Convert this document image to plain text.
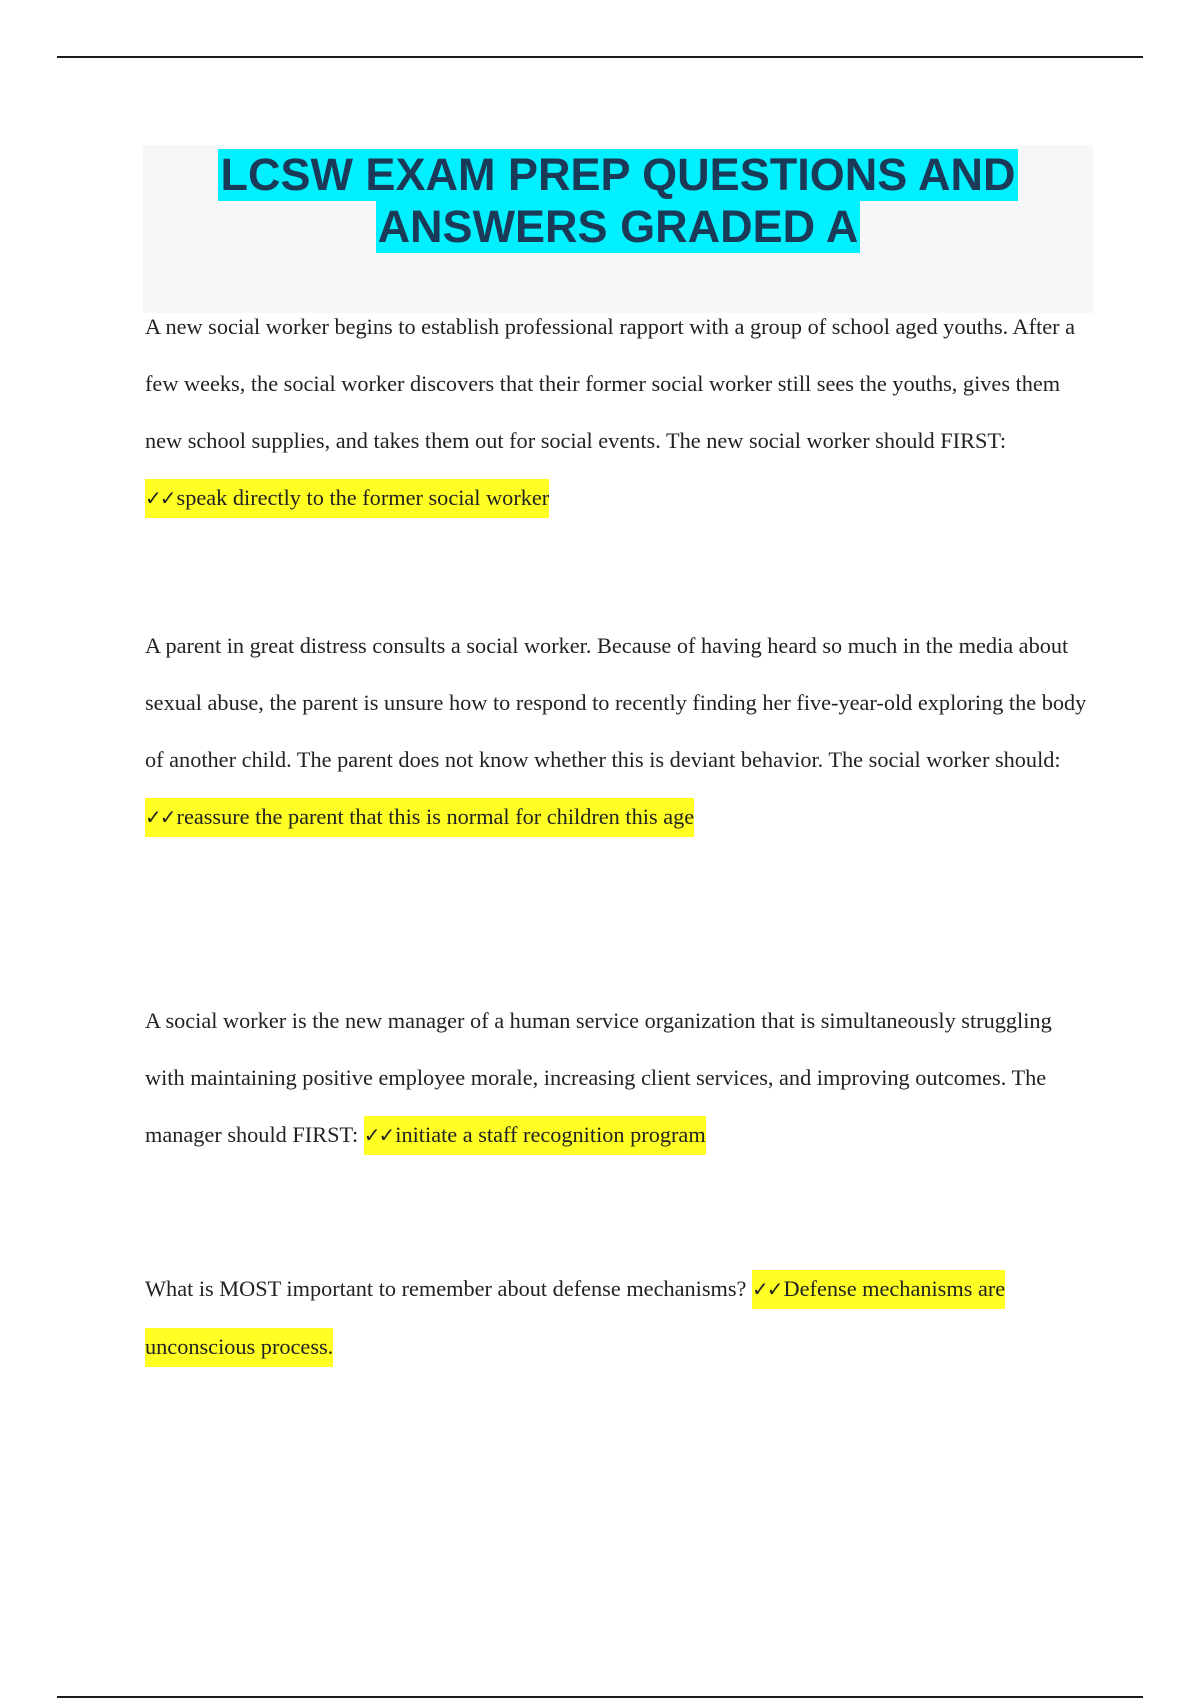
LCSW EXAM PREP QUESTIONS AND
ANSWERS GRADED A

A new social worker begins to establish professional rapport with a group of school aged youths. After a few weeks, the social worker discovers that their former social worker still sees the youths, gives them new school supplies, and takes them out for social events. The new social worker should FIRST: ✓✓speak directly to the former social worker

A parent in great distress consults a social worker. Because of having heard so much in the media about sexual abuse, the parent is unsure how to respond to recently finding her five-year-old exploring the body of another child. The parent does not know whether this is deviant behavior. The social worker should: ✓✓reassure the parent that this is normal for children this age

A social worker is the new manager of a human service organization that is simultaneously struggling with maintaining positive employee morale, increasing client services, and improving outcomes. The manager should FIRST: ✓✓initiate a staff recognition program

What is MOST important to remember about defense mechanisms? ✓✓Defense mechanisms are unconscious process.
